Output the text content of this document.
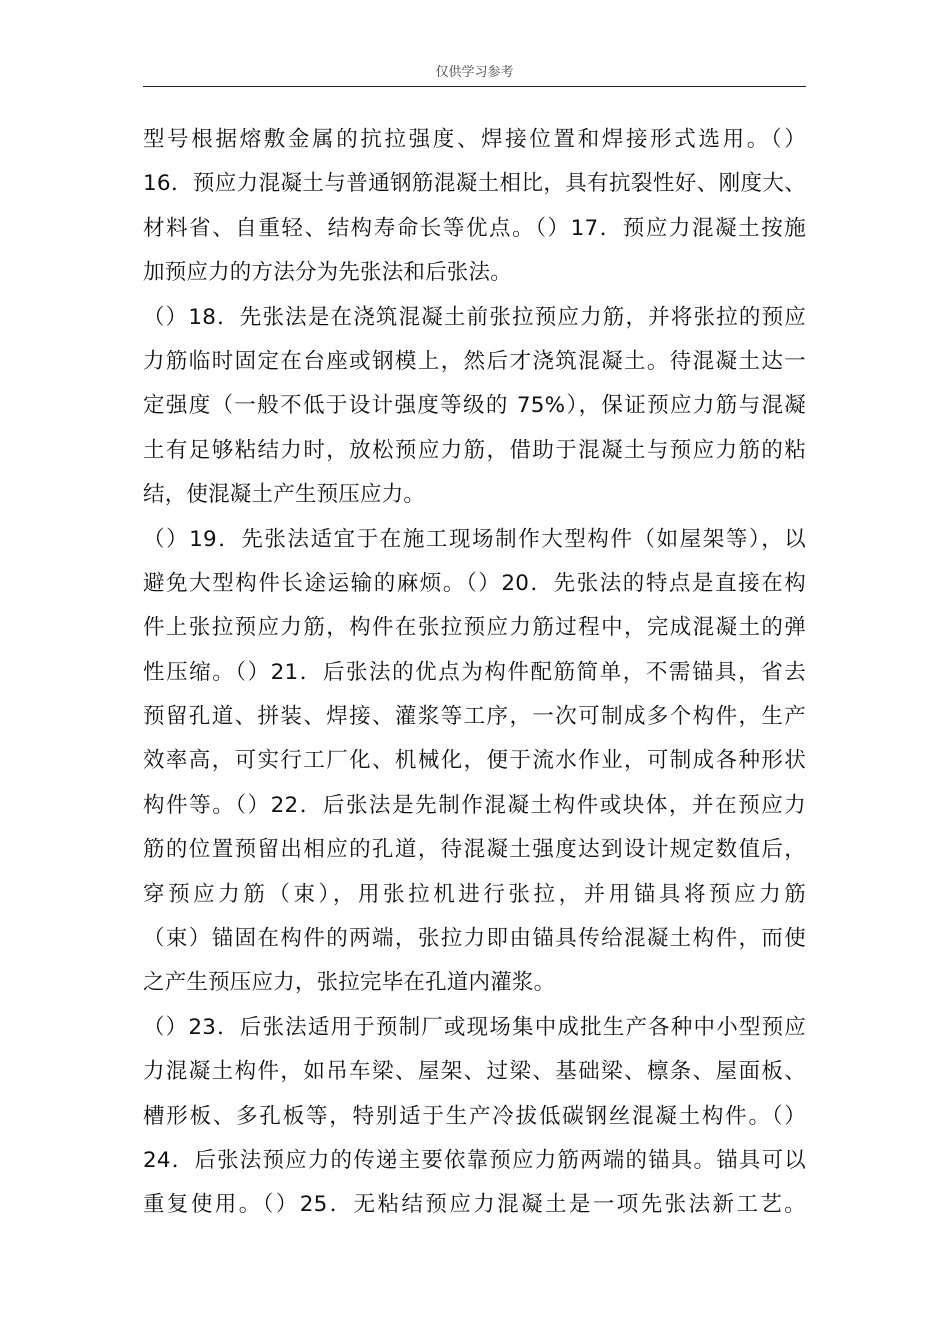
仅供学习参考
型号根据熔敷金属的抗拉强度、焊接位置和焊接形式选用。（）
16．预应力混凝土与普通钢筋混凝土相比，具有抗裂性好、刚度大、
材料省、自重轻、结构寿命长等优点。（）17．预应力混凝土按施
加预应力的方法分为先张法和后张法。
（）18．先张法是在浇筑混凝土前张拉预应力筋，并将张拉的预应
力筋临时固定在台座或钢模上，然后才浇筑混凝土。待混凝土达一
定强度（一般不低于设计强度等级的 75%），保证预应力筋与混凝
土有足够粘结力时，放松预应力筋，借助于混凝土与预应力筋的粘
结，使混凝土产生预压应力。
（）19．先张法适宜于在施工现场制作大型构件（如屋架等），以
避免大型构件长途运输的麻烦。（）20．先张法的特点是直接在构
件上张拉预应力筋，构件在张拉预应力筋过程中，完成混凝土的弹
性压缩。（）21．后张法的优点为构件配筋简单，不需锚具，省去
预留孔道、拼装、焊接、灌浆等工序，一次可制成多个构件，生产
效率高，可实行工厂化、机械化，便于流水作业，可制成各种形状
构件等。（）22．后张法是先制作混凝土构件或块体，并在预应力
筋的位置预留出相应的孔道，待混凝土强度达到设计规定数值后，
穿预应力筋（束），用张拉机进行张拉，并用锚具将预应力筋
（束）锚固在构件的两端，张拉力即由锚具传给混凝土构件，而使
之产生预压应力，张拉完毕在孔道内灌浆。
（）23．后张法适用于预制厂或现场集中成批生产各种中小型预应
力混凝土构件，如吊车梁、屋架、过梁、基础梁、檩条、屋面板、
槽形板、多孔板等，特别适于生产冷拔低碳钢丝混凝土构件。（）
24．后张法预应力的传递主要依靠预应力筋两端的锚具。锚具可以
重复使用。（）25．无粘结预应力混凝土是一项先张法新工艺。
